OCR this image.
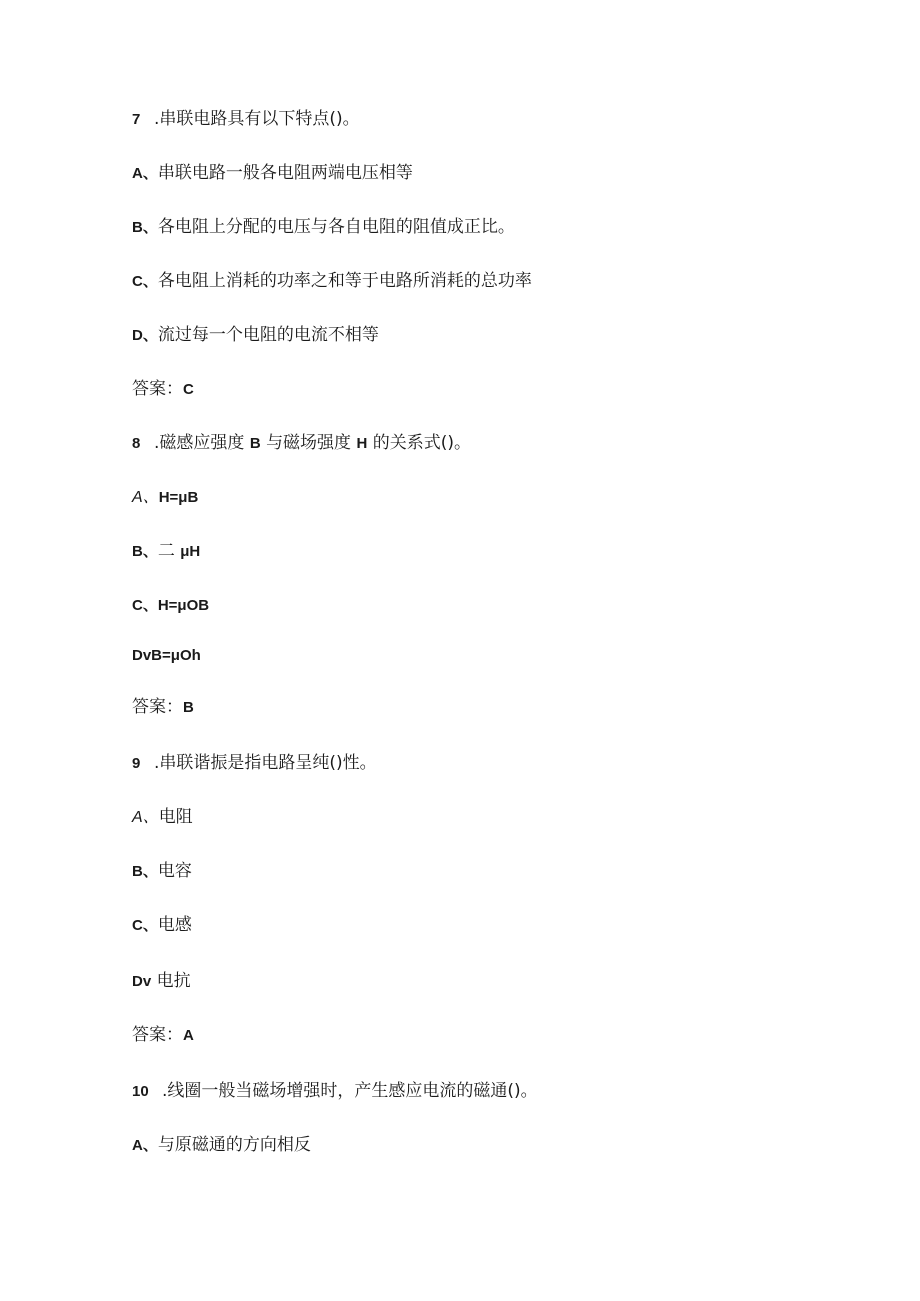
7 .串联电路具有以下特点()。
A、串联电路一般各电阻两端电压相等
B、各电阻上分配的电压与各自电阻的阻值成正比。
C、各电阻上消耗的功率之和等于电路所消耗的总功率
D、流过每一个电阻的电流不相等
答案：C
8 .磁感应强度 B 与磁场强度 H 的关系式()。
A、H=μB
B、二 μH
C、H=μOB
DvB=μOh
答案：B
9 .串联谐振是指电路呈纯()性。
A、电阻
B、电容
C、电感
Dv 电抗
答案：A
10 .线圈一般当磁场增强时，产生感应电流的磁通()。
A、与原磁通的方向相反
